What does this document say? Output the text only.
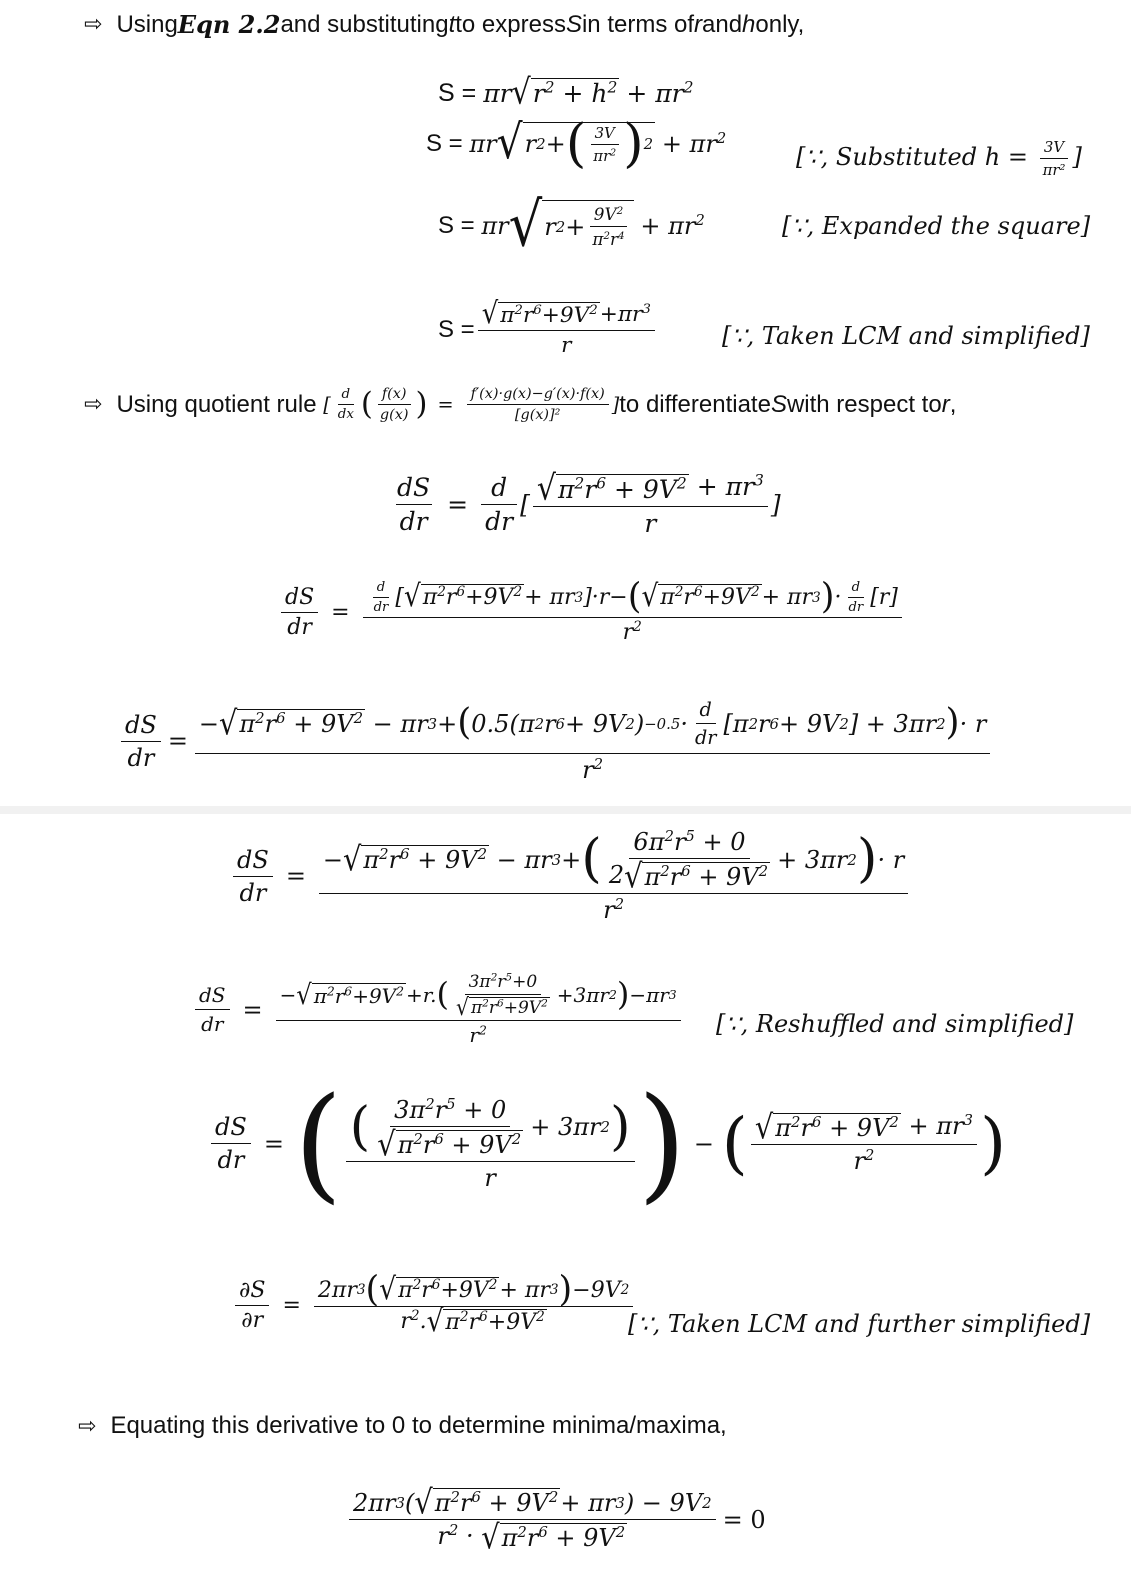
⇨ Using Eqn 2.2 and substituting t to express S in terms of r and h only,
S =
πr √ $r^2 + h^2$
+ $\pi r^2$
S =
πr √ r 2 + ( $\frac{3V}{\pi r^2}$ ) 2
+ $\pi r^2$
[∵, Substituted $h = \frac{3V}{\text{πr²}}$ ]
S =
πr √ r $2 + \frac{9V^2}{\pi^2r^4}$
+ $\pi r^2$	[∵, Expanded the square]
$S = \frac{√ \pi^2r^6+9V^2 +\pi r^3}{r}$	[∵, Taken LCM and simplified]
⇨ Using quotient rule
[ $\frac{d}{dx}$ ( $\frac{f(x)}{g(x)}$ ) = $\frac{f'(x)\cdot g(x)-g'(x)\cdot f(x)}{\text{[g(x)]²}}$ ] to differentiate S with respect to r ,
$\frac{dS}{dr} = \frac{d}{dr}$ [ $\frac{√ \pi^2r^6 + 9V^2 + \pi r^3}{r}$ ]
$\frac{dS}{dr} = \frac{\frac{d}{dr} [ √ \pi^2r^6+9V^2 + \pi r 3 ]\cdot r- ( √ \pi^2r^6+9V^2 + \pi r 3 ) \cdot \frac{d}{dr} [r]}{r^2}$
$\frac{dS}{dr}$ =
− √ $\pi^2r^6 + 9V^2 - \pi r$ 3 + ( 0.5(π 2 r 6 + 9V 2 ) $-0.5 \cdot \frac{d}{dr} [\pi$ 2 r 6 + 9V 2 ] + 3πr 2 ) · r
$r^2$
$\frac{dS}{dr} = \frac{- √ \pi^2r^6 + 9V^2 - \pi r 3 + ( \frac{6\pi^2r^5 + 0}{2 √ \pi^2r^6 + 9V^2} + 3\pi r 2 ) \cdot r}{r^2}$
$\frac{dS}{dr} = \frac{- √ \pi^2r^6+9V^2 +r. ( \frac{3\pi^2r^5+0}{√ \pi^2r^6+9V^2} +3\pi r 2 ) -\pi r 3}{r^2}$ [∵, Reshuffled and simplified]
$\frac{dS}{dr}$ = ( $\frac{( \frac{3\pi^2r^5 + 0}{√ \pi^2r^6 + 9V^2} + 3\pi r 2 )}{r}$ ) − ( $\frac{√ \pi^2r^6 + 9V^2 + \pi r^3}{r^2}$ )
$\frac{\partial S}{\partial r} = \frac{2\pi r 3 ( √ \pi^2r^6+9V^2 + \pi r 3 ) -9V 2}{r^2. √ \pi^2r^6+9V^2}$
[∵, Taken LCM and further simplified]
⇨ Equating this derivative to 0 to determine minima/maxima,
$\frac{2\pi r 3 ( √ \pi^2r^6 + 9V^2 + \pi r 3 ) - 9V 2}{r^2 \cdot √ \pi^2r^6 + 9V^2} = 0$
